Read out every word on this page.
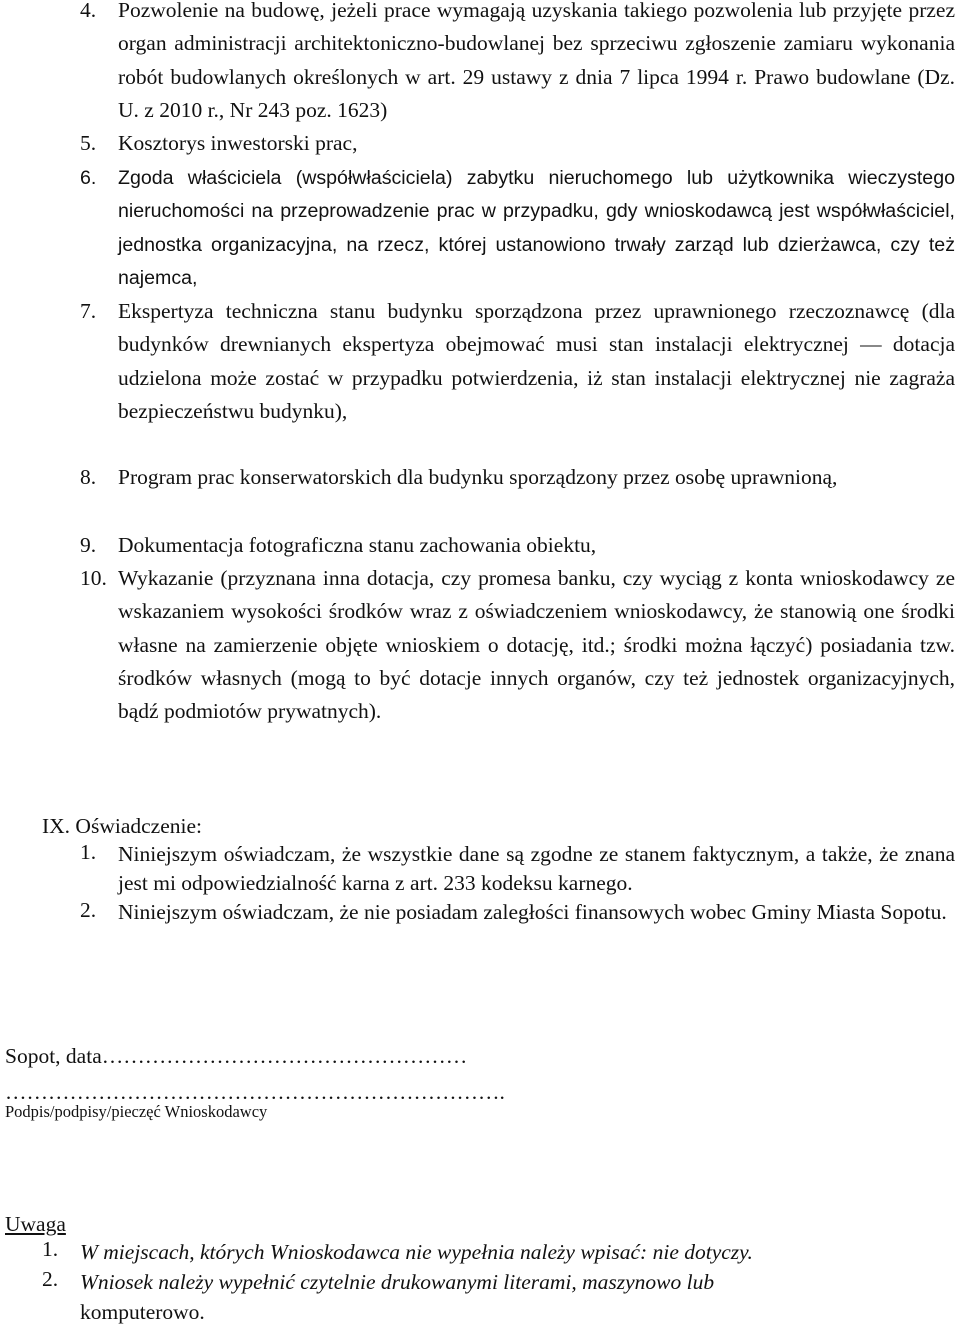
4. Pozwolenie na budowę, jeżeli prace wymagają uzyskania takiego pozwolenia lub przyjęte przez organ administracji architektoniczno-budowlanej bez sprzeciwu zgłoszenie zamiaru wykonania robót budowlanych określonych w art. 29 ustawy z dnia 7 lipca 1994 r. Prawo budowlane (Dz. U. z 2010 r., Nr 243 poz. 1623)
5. Kosztorys inwestorski prac,
6. Zgoda właściciela (współwłaściciela) zabytku nieruchomego lub użytkownika wieczystego nieruchomości na przeprowadzenie prac w przypadku, gdy wnioskodawcą jest współwłaściciel, jednostka organizacyjna, na rzecz, której ustanowiono trwały zarząd lub dzierżawca, czy też najemca,
7. Ekspertyza techniczna stanu budynku sporządzona przez uprawnionego rzeczoznawcę (dla budynków drewnianych ekspertyza obejmować musi stan instalacji elektrycznej — dotacja udzielona może zostać w przypadku potwierdzenia, iż stan instalacji elektrycznej nie zagraża bezpieczeństwu budynku),
8. Program prac konserwatorskich dla budynku sporządzony przez osobę uprawnioną,
9. Dokumentacja fotograficzna stanu zachowania obiektu,
10. Wykazanie (przyznana inna dotacja, czy promesa banku, czy wyciąg z konta wnioskodawcy ze wskazaniem wysokości środków wraz z oświadczeniem wnioskodawcy, że stanowią one środki własne na zamierzenie objęte wnioskiem o dotację, itd.; środki można łączyć) posiadania tzw. środków własnych (mogą to być dotacje innych organów, czy też jednostek organizacyjnych, bądź podmiotów prywatnych).
IX. Oświadczenie:
1. Niniejszym oświadczam, że wszystkie dane są zgodne ze stanem faktycznym, a także, że znana jest mi odpowiedzialność karna z art. 233 kodeksu karnego.
2. Niniejszym oświadczam, że nie posiadam zaległości finansowych wobec Gminy Miasta Sopotu.
Sopot, data……………………………………………
…………………………………………………………….
Podpis/podpisy/pieczęć Wnioskodawcy
Uwaga
1. W miejscach, których Wnioskodawca nie wypełnia należy wpisać: nie dotyczy.
2. Wniosek należy wypełnić czytelnie drukowanymi literami, maszynowo lub
komputerowo.
